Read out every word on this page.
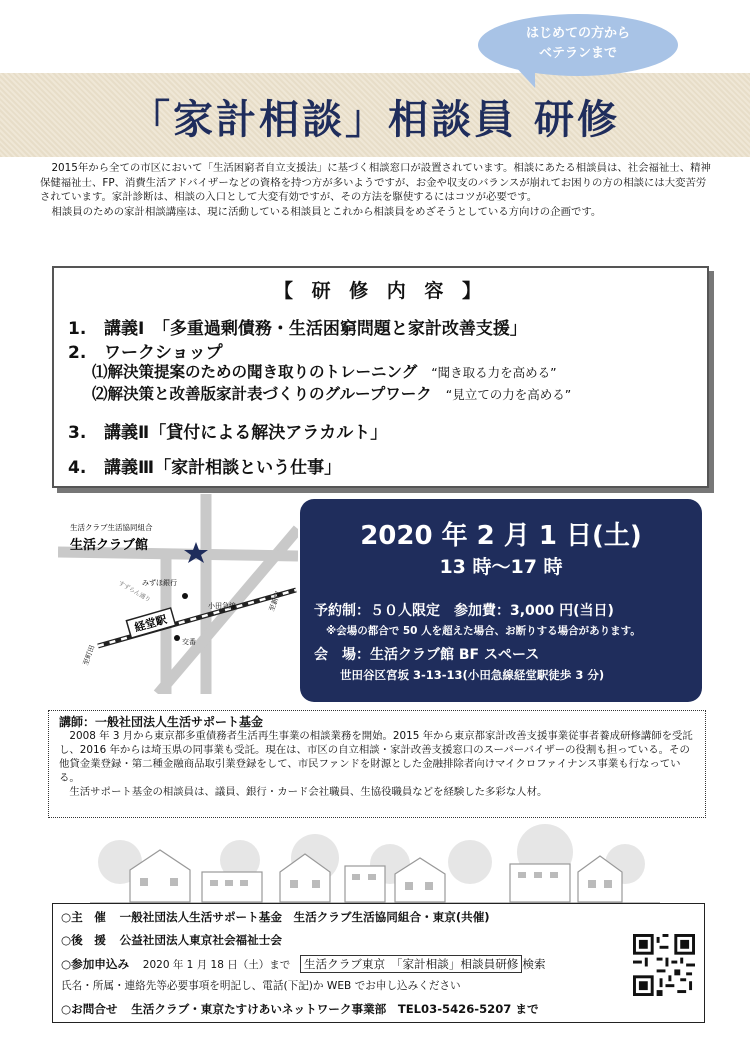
はじめての方から
ベテランまで
「家計相談」相談員 研修

2015年から全ての市区において「生活困窮者自立支援法」に基づく相談窓口が設置されています。相談にあたる相談員は、社会福祉士、精神保健福祉士、FP、消費生活アドバイザーなどの資格を持つ方が多いようですが、お金や収支のバランスが崩れてお困りの方の相談には大変苦労されています。家計診断は、相談の入口として大変有効ですが、その方法を駆使するにはコツが必要です。

相談員のための家計相談講座は、現に活動している相談員とこれから相談員をめざそうとしている方向けの企画です。

【 研 修 内 容 】
1. 講義Ⅰ　「多重過剰債務・生活困窮問題と家計改善支援」
2. ワークショップ
⑴解決策提案のための聞き取りのトレーニング “聞き取る力を高める”
⑵解決策と改善版家計表づくりのグループワーク “見立ての力を高める”
3. 講義Ⅱ「貸付による解決アラカルト」
4. 講義Ⅲ「家計相談という仕事」
経堂駅
生活クラブ生活協同組合
生活クラブ館
みずほ銀行
小田急線
交番
至町田
至新宿
すずらん通り
2020 年 2 月 1 日(土)
13 時～17 時
予約制：５０人限定　参加費：3,000 円(当日)
※会場の都合で 50 人を超えた場合、お断りする場合があります。
会　場：生活クラブ館 BF スペース
世田谷区宮坂 3-13-13(小田急線経堂駅徒歩 3 分)
講師：一般社団法人生活サポート基金

2008 年 3 月から東京都多重債務者生活再生事業の相談業務を開始。2015 年から東京都家計改善支援事業従事者養成研修講師を受託し、2016 年からは埼玉県の同事業も受託。現在は、市区の自立相談・家計改善支援窓口のスーパーバイザーの役割も担っている。その他貸金業登録・第二種金融商品取引業登録をして、市民ファンドを財源とした金融排除者向けマイクロファイナンス事業も行なっている。

生活サポート基金の相談員は、議員、銀行・カード会社職員、生協役職員などを経験した多彩な人材。

○主　催 一般社団法人生活サポート基金　生活クラブ生活協同組合・東京(共催)
○後　援 公益社団法人東京社会福祉士会
○参加申込み 2020 年 1 月 18 日（土）まで 生活クラブ東京　「家計相談」相談員研修 検索
氏名・所属・連絡先等必要事項を明記し、電話(下記)か WEB でお申し込みください
○お問合せ 生活クラブ・東京たすけあいネットワーク事業部　TEL03-5426-5207 まで
